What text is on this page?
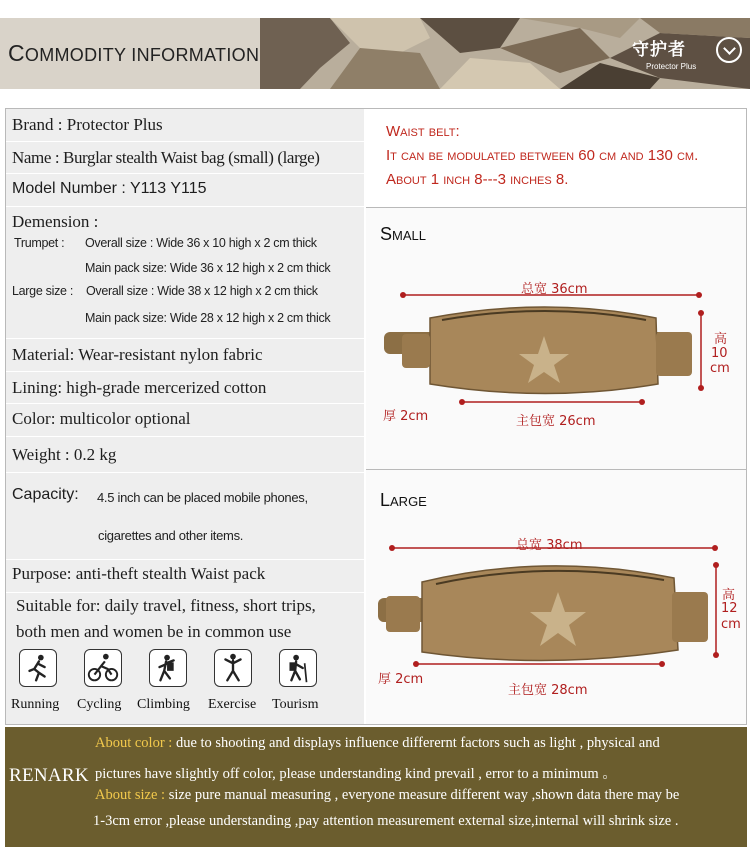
COMMODITY INFORMATION	守护者
Protector Plus
Brand : Protector Plus
Name : Burglar stealth Waist bag (small) (large)
Model Number : Y113 Y115
Demension :
Trumpet : Overall size : Wide 36 x 10 high x 2 cm thick
Main pack size: Wide 36 x 12 high x 2 cm thick
Large size : Overall size : Wide 38 x 12 high x 2 cm thick
Main pack size: Wide 28 x 12 high x 2 cm thick
Material: Wear-resistant nylon fabric
Lining: high-grade mercerized cotton
Color: multicolor optional
Weight : 0.2 kg
Capacity: 4.5 inch can be placed mobile phones,
cigarettes and other items.
Purpose: anti-theft stealth Waist pack
Suitable for: daily travel, fitness, short trips,
both men and women be in common use
Running Cycling Climbing Exercise Tourism
Waist belt:
It can be modulated between 60 cm and 130 cm.
About 1 inch 8---3 inches 8.
Small
总宽 36cm
高
10
cm
厚 2cm	主包宽 26cm
Large
总宽 38cm
高
12
cm
厚 2cm
主包宽 28cm
RENARK
About color : due to shooting and displays influence differernt factors such as light , physical and
pictures have slightly off color, please understanding kind prevail , error to a minimum 。
About size : size pure manual measuring , everyone measure different way ,shown data there may be
1-3cm error ,please understanding ,pay attention measurement external size,internal will shrink size .
